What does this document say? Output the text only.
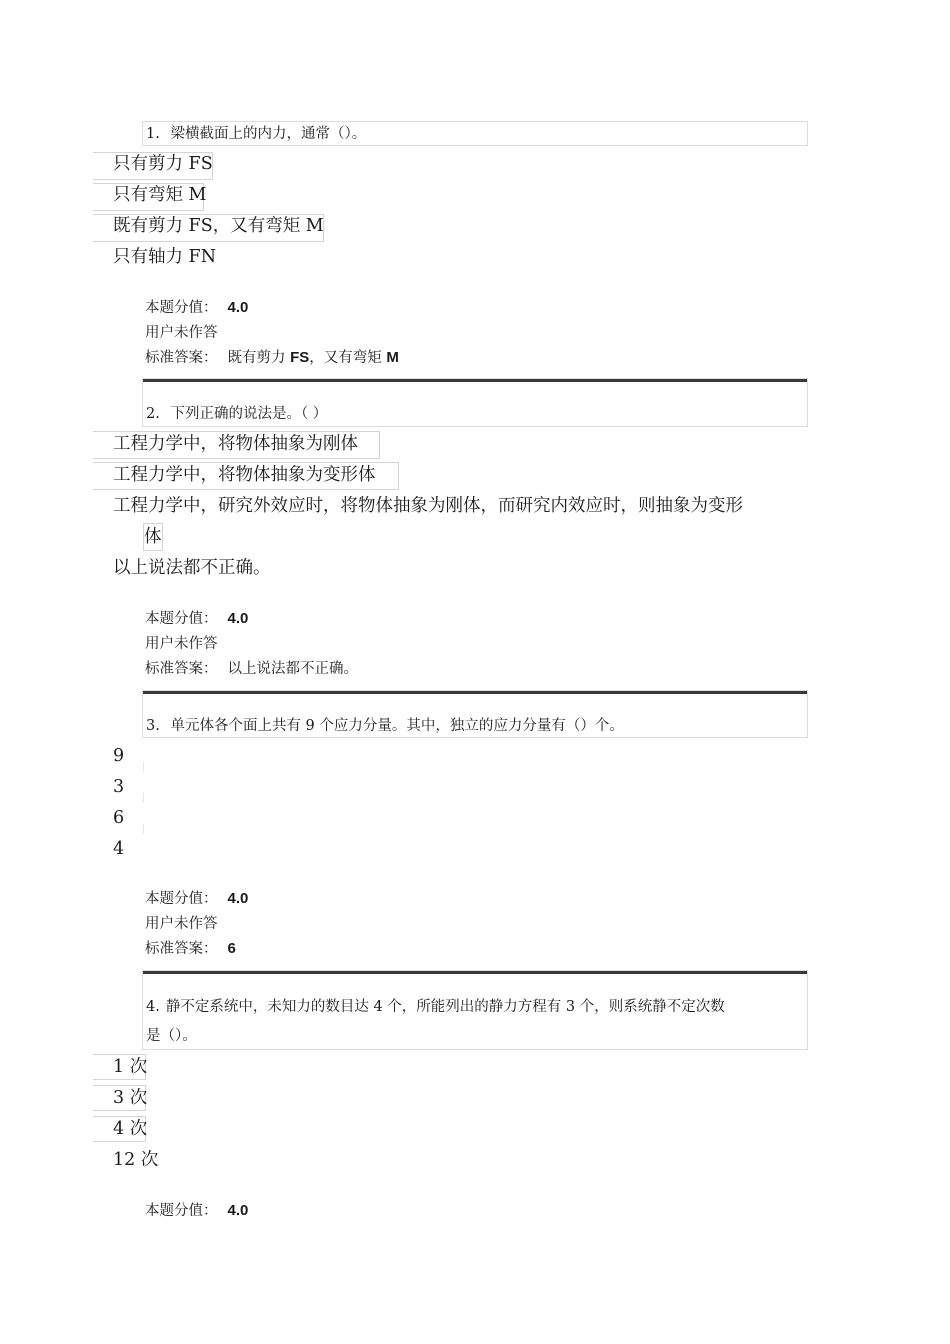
1. 梁横截面上的内力，通常（）。
只有剪力 FS
只有弯矩 M
既有剪力 FS，又有弯矩 M
只有轴力 FN
本题分值： 4.0
用户未作答
标准答案： 既有剪力 FS，又有弯矩 M
2. 下列正确的说法是。（ ）
工程力学中，将物体抽象为刚体
工程力学中，将物体抽象为变形体
工程力学中，研究外效应时，将物体抽象为刚体，而研究内效应时，则抽象为变形
体
以上说法都不正确。
本题分值： 4.0
用户未作答
标准答案： 以上说法都不正确。
3. 单元体各个面上共有 9 个应力分量。其中，独立的应力分量有（）个。
9
3
6
4
本题分值： 4.0
用户未作答
标准答案： 6
4. 静不定系统中，未知力的数目达 4 个，所能列出的静力方程有 3 个，则系统静不定次数
是（）。
1 次
3 次
4 次
12 次
本题分值： 4.0
